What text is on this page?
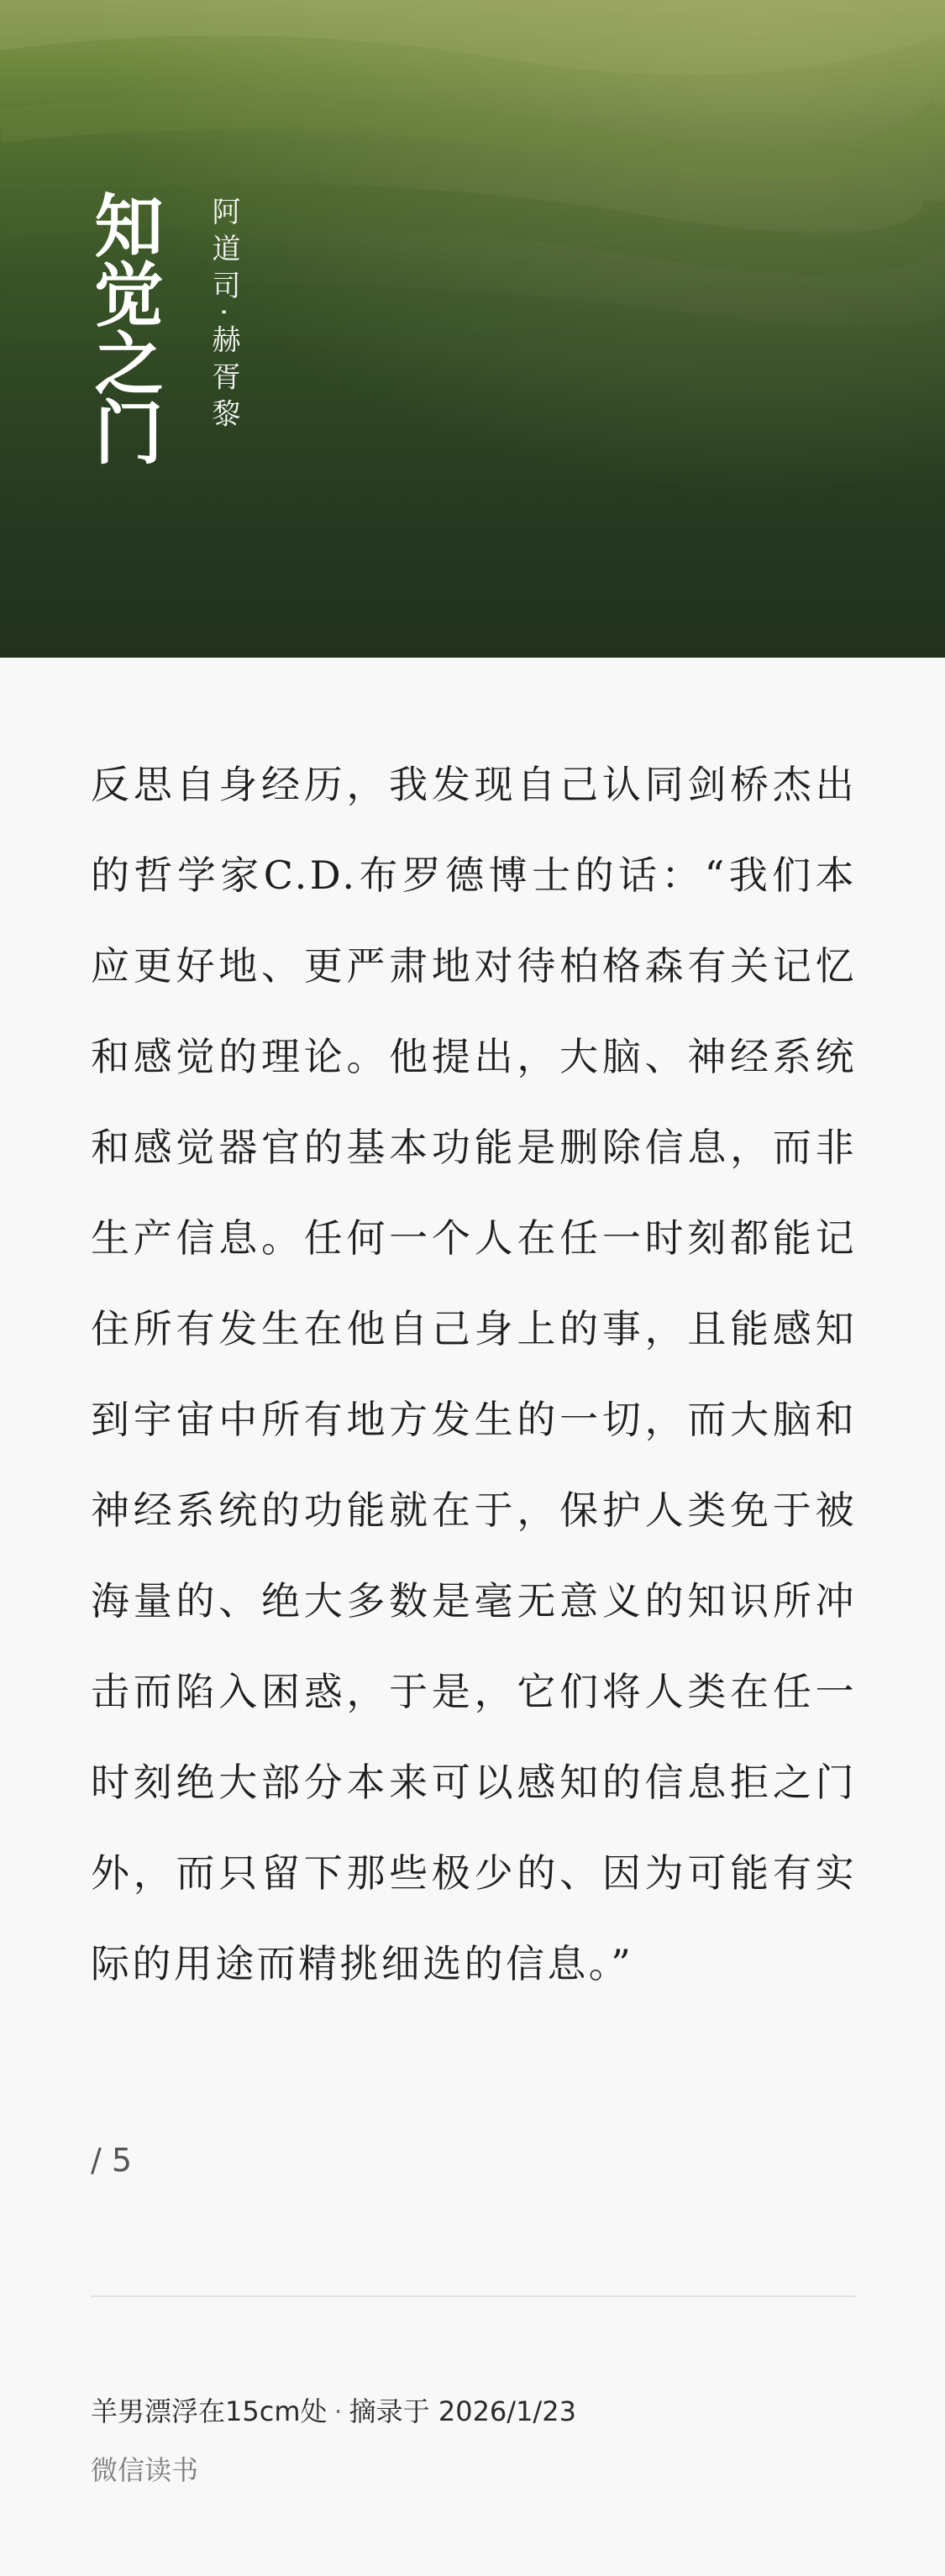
知觉之门 阿道司·赫胥黎

反思自身经历，我发现自己认同剑桥杰出的哲学家C.D.布罗德博士的话：“我们本应更好地、更严肃地对待柏格森有关记忆和感觉的理论。他提出，大脑、神经系统和感觉器官的基本功能是删除信息，而非生产信息。任何一个人在任一时刻都能记住所有发生在他自己身上的事，且能感知到宇宙中所有地方发生的一切，而大脑和神经系统的功能就在于，保护人类免于被海量的、绝大多数是毫无意义的知识所冲击而陷入困惑，于是，它们将人类在任一时刻绝大部分本来可以感知的信息拒之门外，而只留下那些极少的、因为可能有实际的用途而精挑细选的信息。”

/ 5
羊男漂浮在15cm处 · 摘录于 2026/1/23
微信读书
